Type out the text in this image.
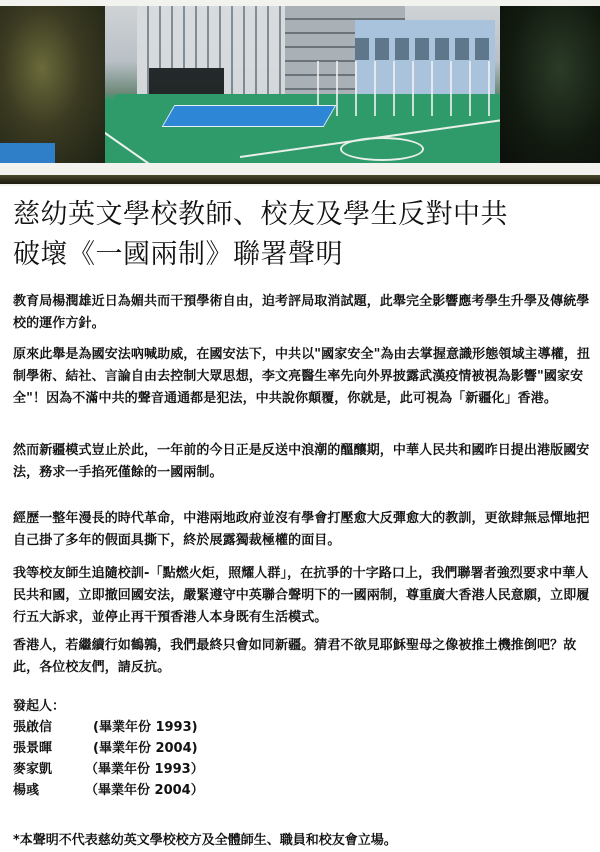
慈幼英文學校教師、校友及學生反對中共
破壞《一國兩制》聯署聲明

教育局楊潤雄近日為媚共而干預學術自由，迫考評局取消試題，此舉完全影響應考學生升學及傳統學校的運作方針。

原來此舉是為國安法吶喊助威，在國安法下，中共以"國家安全"為由去掌握意識形態領域主導權，扭制學術、結社、言論自由去控制大眾思想，李文亮醫生率先向外界披露武漢疫情被視為影響"國家安全"！因為不滿中共的聲音通通都是犯法，中共說你顛覆，你就是，此可視為「新疆化」香港。

然而新疆模式豈止於此，一年前的今日正是反送中浪潮的醞釀期，中華人民共和國昨日提出港版國安法，務求一手掐死僅餘的一國兩制。

經歷一整年漫長的時代革命，中港兩地政府並沒有學會打壓愈大反彈愈大的教訓，更欲肆無忌憚地把自己掛了多年的假面具撕下，終於展露獨裁極權的面目。

我等校友師生追隨校訓-「點燃火炬，照耀人群」，在抗爭的十字路口上，我們聯署者強烈要求中華人民共和國，立即撤回國安法，嚴緊遵守中英聯合聲明下的一國兩制，尊重廣大香港人民意願，立即履行五大訴求，並停止再干預香港人本身既有生活模式。

香港人，若繼續行如鶴鶉，我們最終只會如同新疆。猜君不欲見耶穌聖母之像被推土機推倒吧？故此，各位校友們，請反抗。

發起人：
張啟信	(畢業年份 1993)
張景暉	(畢業年份 2004)
麥家凱	（畢業年份 1993）
楊彧	（畢業年份 2004）

*本聲明不代表慈幼英文學校校方及全體師生、職員和校友會立場。
